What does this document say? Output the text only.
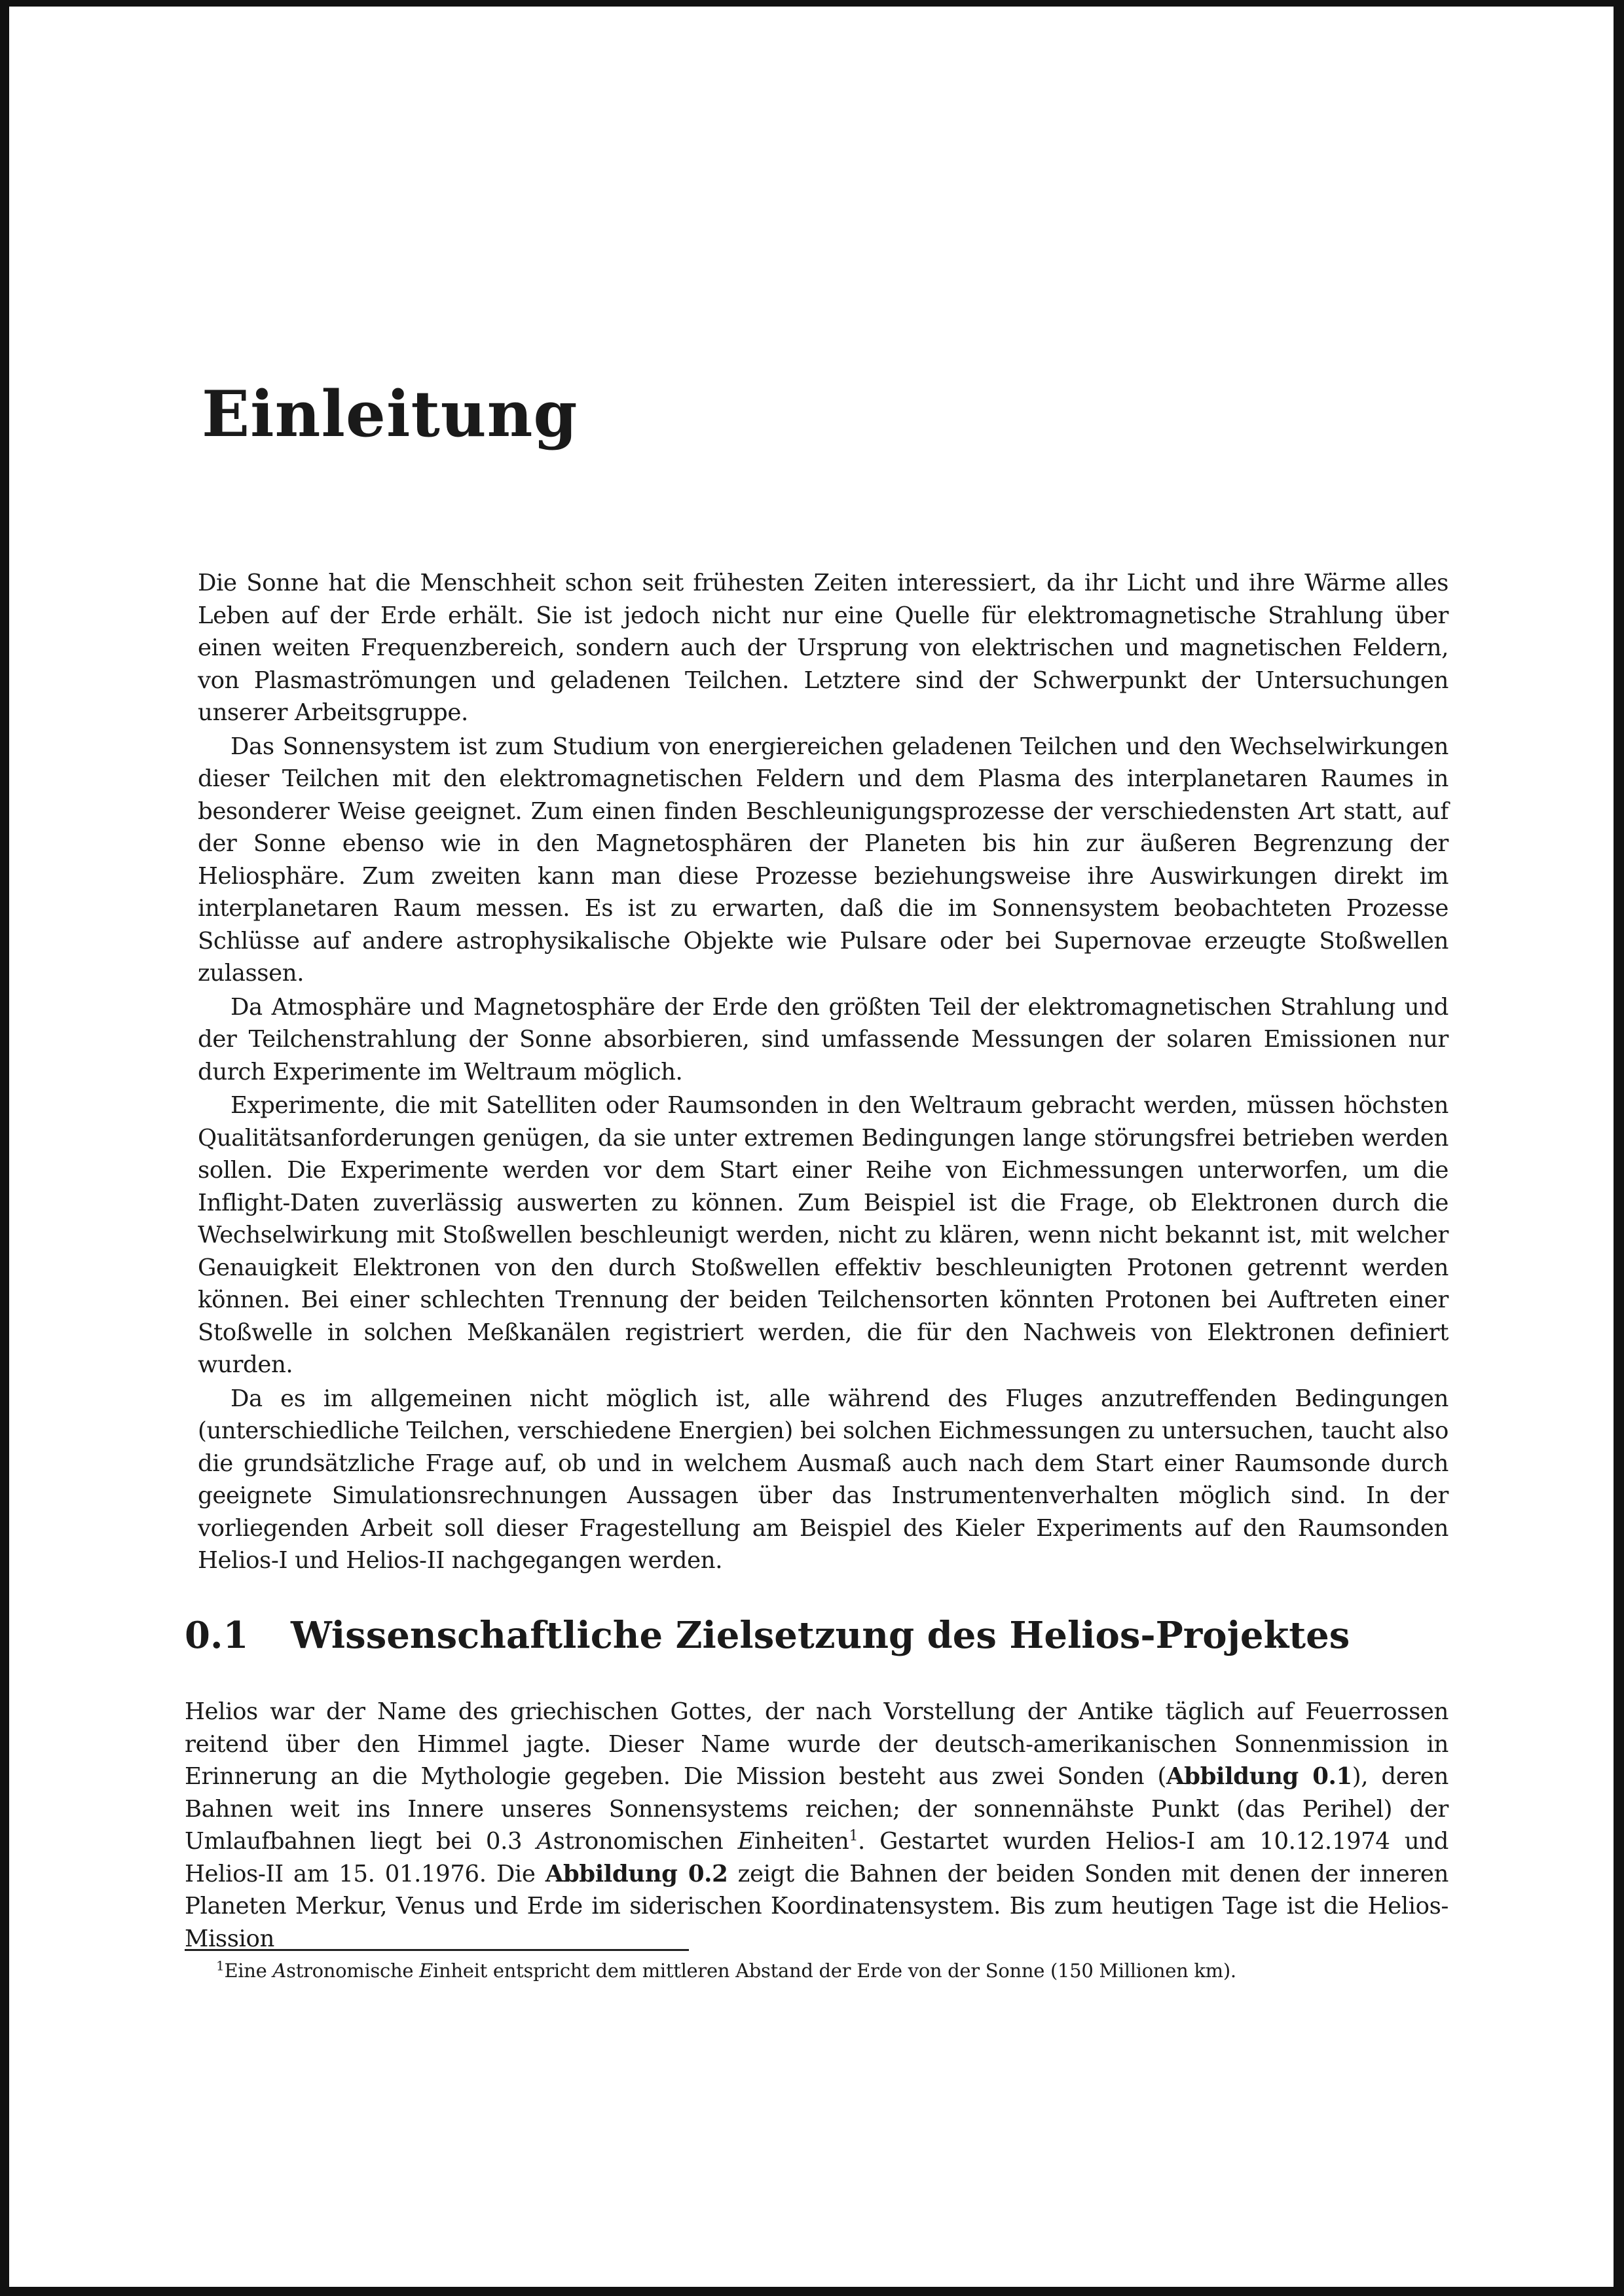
Einleitung

Die Sonne hat die Menschheit schon seit frühesten Zeiten interessiert, da ihr Licht und ihre Wärme alles Leben auf der Erde erhält. Sie ist jedoch nicht nur eine Quelle für elektromagnetische Strahlung über einen weiten Frequenzbereich, sondern auch der Ursprung von elektrischen und magnetischen Feldern, von Plasmaströmungen und geladenen Teilchen. Letztere sind der Schwerpunkt der Untersuchungen unserer Arbeitsgruppe.

Das Sonnensystem ist zum Studium von energiereichen geladenen Teilchen und den Wechselwirkungen dieser Teilchen mit den elektromagnetischen Feldern und dem Plasma des interplanetaren Raumes in besonderer Weise geeignet. Zum einen finden Beschleunigungsprozesse der verschiedensten Art statt, auf der Sonne ebenso wie in den Magnetosphären der Planeten bis hin zur äußeren Begrenzung der Heliosphäre. Zum zweiten kann man diese Prozesse beziehungsweise ihre Auswirkungen direkt im interplanetaren Raum messen. Es ist zu erwarten, daß die im Sonnensystem beobachteten Prozesse Schlüsse auf andere astrophysikalische Objekte wie Pulsare oder bei Supernovae erzeugte Stoßwellen zulassen.

Da Atmosphäre und Magnetosphäre der Erde den größten Teil der elektromagnetischen Strahlung und der Teilchenstrahlung der Sonne absorbieren, sind umfassende Messungen der solaren Emissionen nur durch Experimente im Weltraum möglich.

Experimente, die mit Satelliten oder Raumsonden in den Weltraum gebracht werden, müssen höchsten Qualitätsanforderungen genügen, da sie unter extremen Bedingungen lange störungsfrei betrieben werden sollen. Die Experimente werden vor dem Start einer Reihe von Eichmessungen unterworfen, um die Inflight-Daten zuverlässig auswerten zu können. Zum Beispiel ist die Frage, ob Elektronen durch die Wechselwirkung mit Stoßwellen beschleunigt werden, nicht zu klären, wenn nicht bekannt ist, mit welcher Genauigkeit Elektronen von den durch Stoßwellen effektiv beschleunigten Protonen getrennt werden können. Bei einer schlechten Trennung der beiden Teilchensorten könnten Protonen bei Auftreten einer Stoßwelle in solchen Meßkanälen registriert werden, die für den Nachweis von Elektronen definiert wurden.

Da es im allgemeinen nicht möglich ist, alle während des Fluges anzutreffenden Bedingungen (unterschiedliche Teilchen, verschiedene Energien) bei solchen Eichmessungen zu untersuchen, taucht also die grundsätzliche Frage auf, ob und in welchem Ausmaß auch nach dem Start einer Raumsonde durch geeignete Simulationsrechnungen Aussagen über das Instrumentenverhalten möglich sind. In der vorliegenden Arbeit soll dieser Fragestellung am Beispiel des Kieler Experiments auf den Raumsonden Helios-I und Helios-II nachgegangen werden.

0.1 Wissenschaftliche Zielsetzung des Helios-Projektes

Helios war der Name des griechischen Gottes, der nach Vorstellung der Antike täglich auf Feuerrossen reitend über den Himmel jagte. Dieser Name wurde der deutsch-amerikanischen Sonnenmission in Erinnerung an die Mythologie gegeben. Die Mission besteht aus zwei Sonden (Abbildung 0.1), deren Bahnen weit ins Innere unseres Sonnensystems reichen; der sonnennähste Punkt (das Perihel) der Umlaufbahnen liegt bei 0.3 Astronomischen Einheiten$^1$. Gestartet wurden Helios-I am 10.12.1974 und Helios-II am 15. 01.1976. Die Abbildung 0.2 zeigt die Bahnen der beiden Sonden mit denen der inneren Planeten Merkur, Venus und Erde im siderischen Koordinatensystem. Bis zum heutigen Tage ist die Helios-Mission

$^1$Eine Astronomische Einheit entspricht dem mittleren Abstand der Erde von der Sonne (150 Millionen km).
